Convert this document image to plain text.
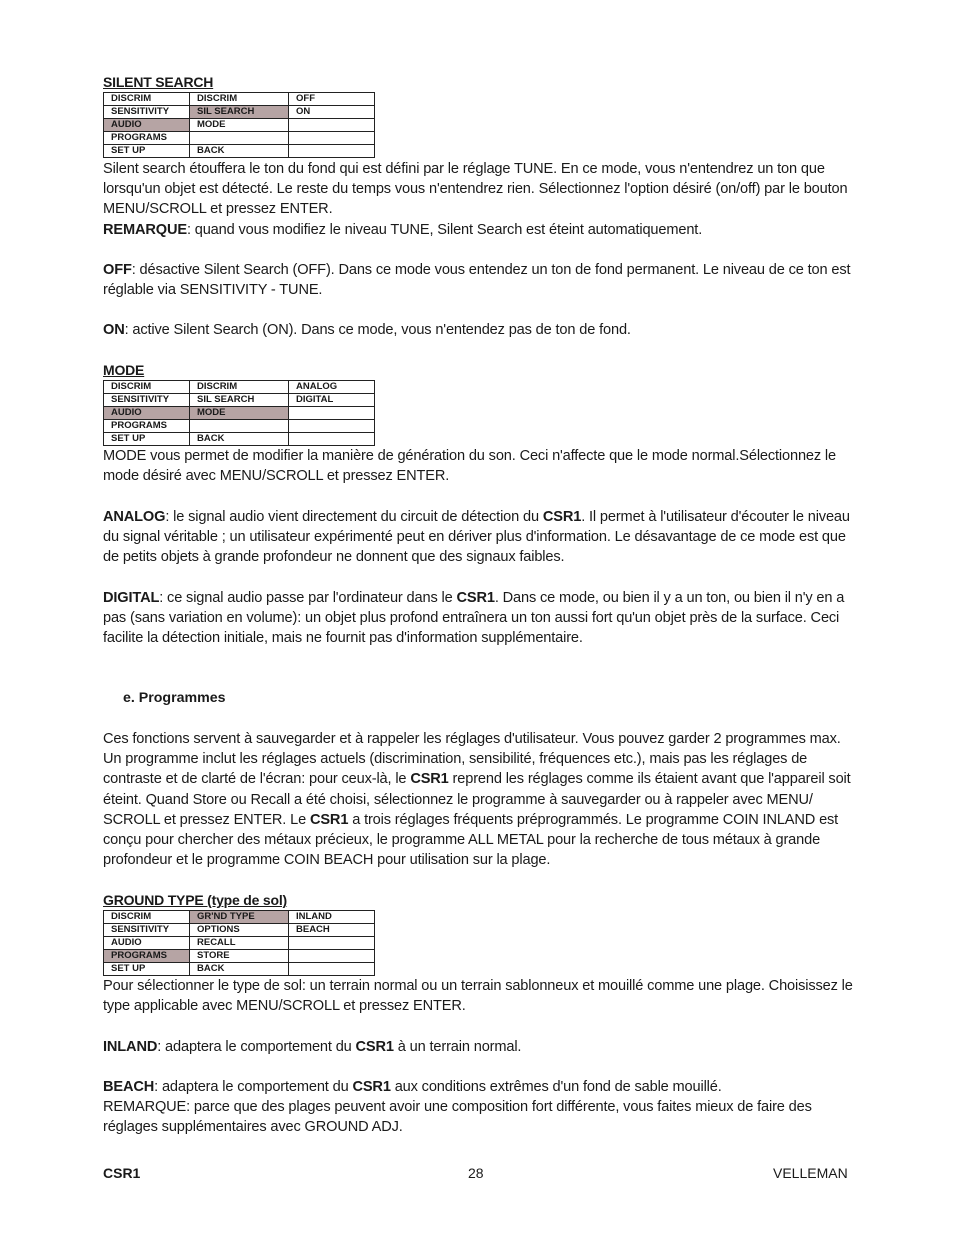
SILENT SEARCH
DISCRIM	DISCRIM	OFF
SENSITIVITY	SIL SEARCH	ON
AUDIO	MODE	
PROGRAMS		
SET UP	BACK	
Silent search étouffera le ton du fond qui est défini par le réglage TUNE. En ce mode, vous n'entendrez un ton que lorsqu'un objet est détecté. Le reste du temps vous n'entendrez rien. Sélectionnez l'option désiré (on/off) par le bouton MENU/SCROLL et pressez ENTER.
REMARQUE: quand vous modifiez le niveau TUNE, Silent Search est éteint automatiquement.
OFF: désactive Silent Search (OFF). Dans ce mode vous entendez un ton de fond permanent. Le niveau de ce ton est réglable via SENSITIVITY - TUNE.
ON: active Silent Search (ON). Dans ce mode, vous n'entendez pas de ton de fond.
MODE
DISCRIM	DISCRIM	ANALOG
SENSITIVITY	SIL SEARCH	DIGITAL
AUDIO	MODE	
PROGRAMS		
SET UP	BACK	
MODE vous permet de modifier la manière de génération du son. Ceci n'affecte que le mode normal.Sélectionnez le mode désiré avec MENU/SCROLL et pressez ENTER.
ANALOG: le signal audio vient directement du circuit de détection du CSR1. Il permet à l'utilisateur d'écouter le niveau du signal véritable ; un utilisateur expérimenté peut en dériver plus d'information. Le désavantage de ce mode est que de petits objets à grande profondeur ne donnent que des signaux faibles.
DIGITAL: ce signal audio passe par l'ordinateur dans le CSR1. Dans ce mode, ou bien il y a un ton, ou bien il n'y en a pas (sans variation en volume): un objet plus profond entraînera un ton aussi fort qu'un objet près de la surface. Ceci facilite la détection initiale, mais ne fournit pas d'information supplémentaire.
e. Programmes
Ces fonctions servent à sauvegarder et à rappeler les réglages d'utilisateur. Vous pouvez garder 2 programmes max. Un programme inclut les réglages actuels (discrimination, sensibilité, fréquences etc.), mais pas les réglages de contraste et de clarté de l'écran: pour ceux-là, le CSR1 reprend les réglages comme ils étaient avant que l'appareil soit éteint. Quand Store ou Recall a été choisi, sélectionnez le programme à sauvegarder ou à rappeler avec MENU/ SCROLL et pressez ENTER. Le CSR1 a trois réglages fréquents préprogrammés. Le programme COIN INLAND est conçu pour chercher des métaux précieux, le programme ALL METAL pour la recherche de tous métaux à grande profondeur et le programme COIN BEACH pour utilisation sur la plage.
GROUND TYPE (type de sol)
DISCRIM	GR'ND TYPE	INLAND
SENSITIVITY	OPTIONS	BEACH
AUDIO	RECALL	
PROGRAMS	STORE	
SET UP	BACK	
Pour sélectionner le type de sol: un terrain normal ou un terrain sablonneux et mouillé comme une plage. Choisissez le type applicable avec MENU/SCROLL et pressez ENTER.
INLAND: adaptera le comportement du CSR1 à un terrain normal.
BEACH: adaptera le comportement du CSR1 aux conditions extrêmes d'un fond de sable mouillé.
REMARQUE: parce que des plages peuvent avoir une composition fort différente, vous faites mieux de faire des réglages supplémentaires avec GROUND ADJ.
CSR1	28	VELLEMAN
